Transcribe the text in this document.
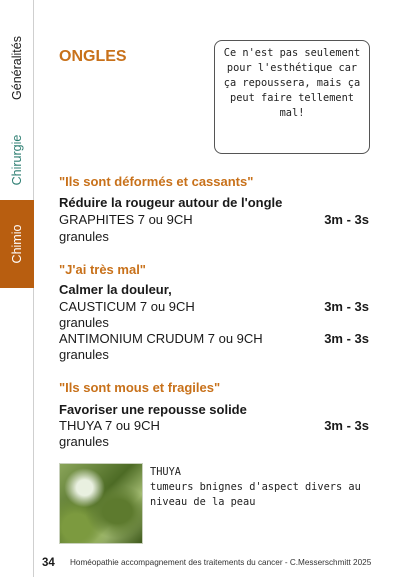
Généralités
Chirurgie
Chimio
ONGLES	Ce n'est pas seulement pour l'esthétique car ça repoussera, mais ça peut faire tellement mal!
"Ils sont déformés et cassants"
Réduire la rougeur autour de l'ongle
GRAPHITES 7 ou 9CH	3m - 3s
granules
"J'ai très mal"
Calmer la douleur,
CAUSTICUM 7 ou 9CH	3m - 3s
granules
ANTIMONIUM CRUDUM 7 ou 9CH	3m - 3s
granules
"Ils sont mous et fragiles"
Favoriser une repousse solide
THUYA 7 ou 9CH	3m - 3s
granules
THUYA
tumeurs bnignes d'aspect divers au niveau de la peau
34 Homéopathie accompagnement des traitements du cancer - C.Messerschmitt 2025
